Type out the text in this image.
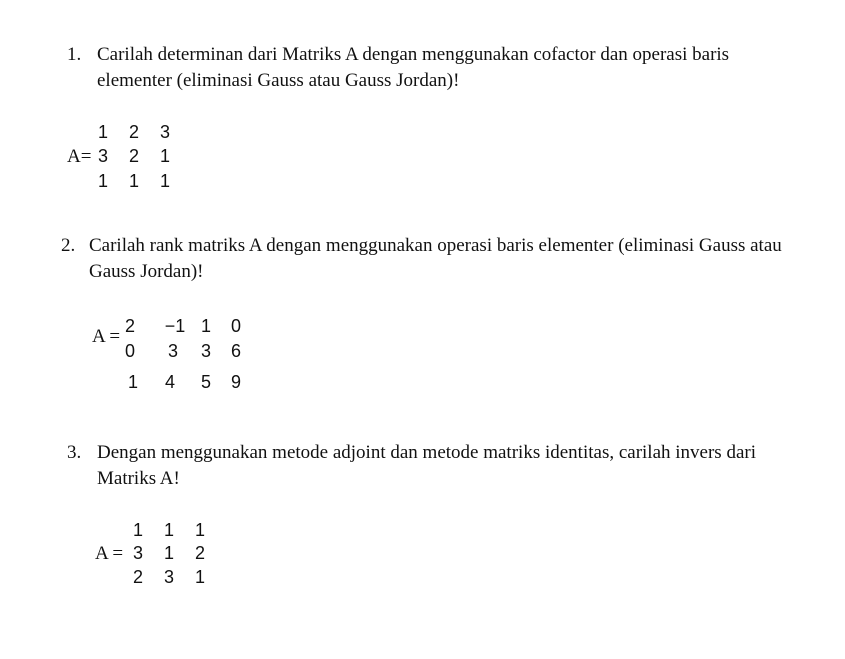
1. Carilah determinan dari Matriks A dengan menggunakan cofactor dan operasi baris elementer (eliminasi Gauss atau Gauss Jordan)!
A=
1 2 3
3 2 1
1 1 1
2. Carilah rank matriks A dengan menggunakan operasi baris elementer (eliminasi Gauss atau Gauss Jordan)!
A = 2 −1 1 0
0 3 3 6
1 4 5 9
3. Dengan menggunakan metode adjoint dan metode matriks identitas, carilah invers dari Matriks A!
A =
1 1 1
3 1 2
2 3 1
